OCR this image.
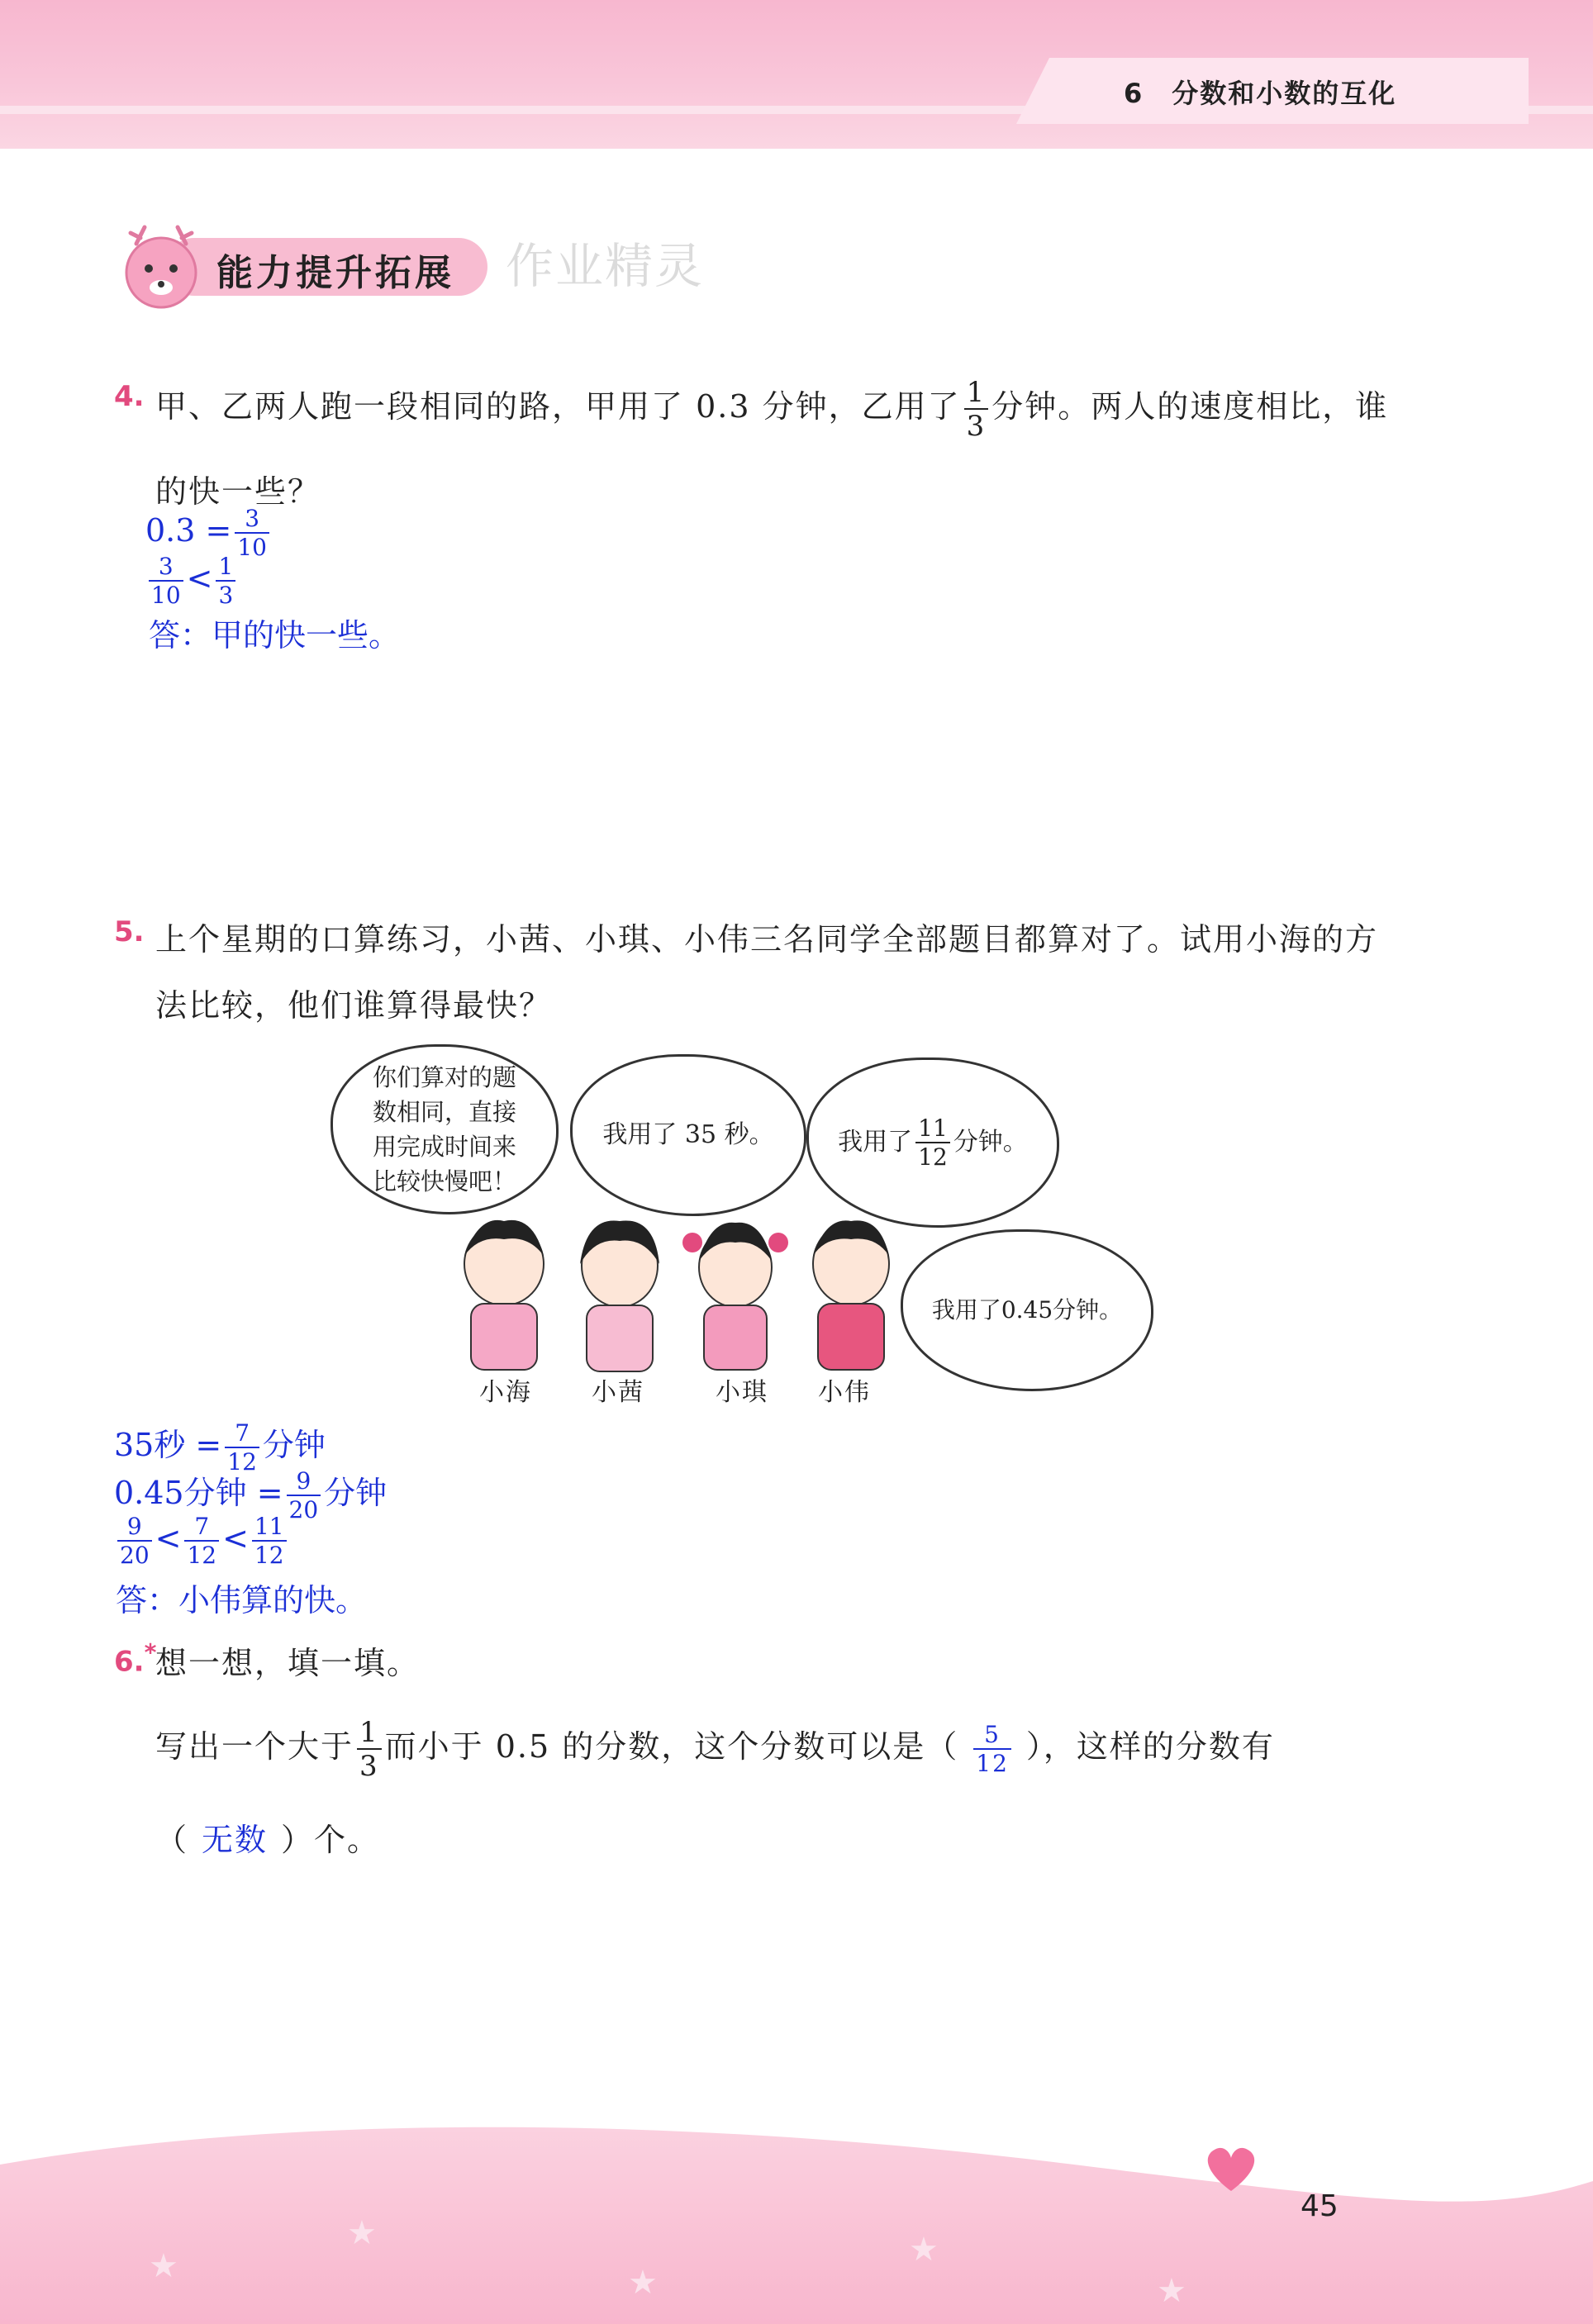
6　分数和小数的互化
能力提升拓展 作业精灵
4. 甲、乙两人跑一段相同的路，甲用了 0.3 分钟，乙用了 $\frac{1}{3}$ 分钟。两人的速度相比，谁
的快一些？
$0.3 = \frac{3}{10}$
$\frac{3}{10} < \frac{1}{3}$
答：甲的快一些。
5. 上个星期的口算练习，小茜、小琪、小伟三名同学全部题目都算对了。试用小海的方
法比较，他们谁算得最快？
你们算对的题
数相同，直接
用完成时间来
比较快慢吧！
我用了 35 秒。	我用了 $\frac{11}{12}$ 分钟。
我用了0.45分钟。
小海 小茜	小琪 小伟
35秒 = $\frac{7}{12}$ 分钟
0.45分钟 = $\frac{9}{20}$ 分钟
$\frac{9}{20} < \frac{7}{12} < \frac{11}{12}$
答：小伟算的快。
6.*
想一想，填一填。
写出一个大于 $\frac{1}{3}$ 而小于 0.5 的分数，这个分数可以是（ $\frac{5}{12}$ ），这样的分数有
（ 无数 ）个。
★
★
★
★
★
45
